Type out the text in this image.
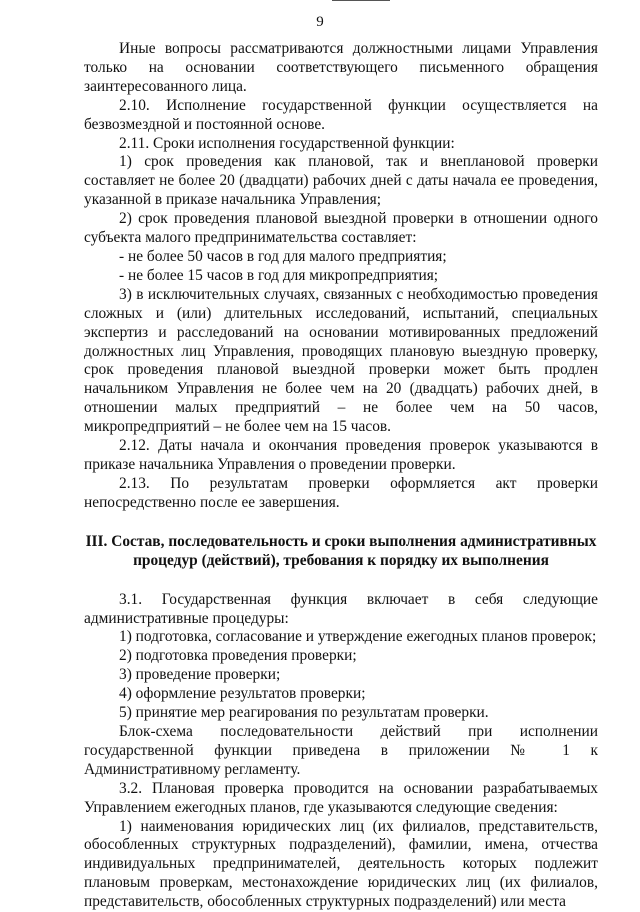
9

Иные вопросы рассматриваются должностными лицами Управления только на основании соответствующего письменного обращения заинтересованного лица.

2.10. Исполнение государственной функции осуществляется на безвозмездной и постоянной основе.

2.11. Сроки исполнения государственной функции:

1) срок проведения как плановой, так и внеплановой проверки составляет не более 20 (двадцати) рабочих дней с даты начала ее проведения, указанной в приказе начальника Управления;

2) срок проведения плановой выездной проверки в отношении одного субъекта малого предпринимательства составляет:

- не более 50 часов в год для малого предприятия;

- не более 15 часов в год для микропредприятия;

3) в исключительных случаях, связанных с необходимостью проведения сложных и (или) длительных исследований, испытаний, специальных экспертиз и расследований на основании мотивированных предложений должностных лиц Управления, проводящих плановую выездную проверку, срок проведения плановой выездной проверки может быть продлен начальником Управления не более чем на 20 (двадцать) рабочих дней, в отношении малых предприятий – не более чем на 50 часов, микропредприятий – не более чем на 15 часов.

2.12. Даты начала и окончания проведения проверок указываются в приказе начальника Управления о проведении проверки.

2.13. По результатам проверки оформляется акт проверки непосредственно после ее завершения.

III. Состав, последовательность и сроки выполнения административных процедур (действий), требования к порядку их выполнения

3.1. Государственная функция включает в себя следующие административные процедуры:

1) подготовка, согласование и утверждение ежегодных планов проверок;

2) подготовка проведения проверки;

3) проведение проверки;

4) оформление результатов проверки;

5) принятие мер реагирования по результатам проверки.

Блок-схема последовательности действий при исполнении государственной функции приведена в приложении № 1 к Административному регламенту.

3.2. Плановая проверка проводится на основании разрабатываемых Управлением ежегодных планов, где указываются следующие сведения:

1) наименования юридических лиц (их филиалов, представительств, обособленных структурных подразделений), фамилии, имена, отчества индивидуальных предпринимателей, деятельность которых подлежит плановым проверкам, местонахождение юридических лиц (их филиалов, представительств, обособленных структурных подразделений) или места
